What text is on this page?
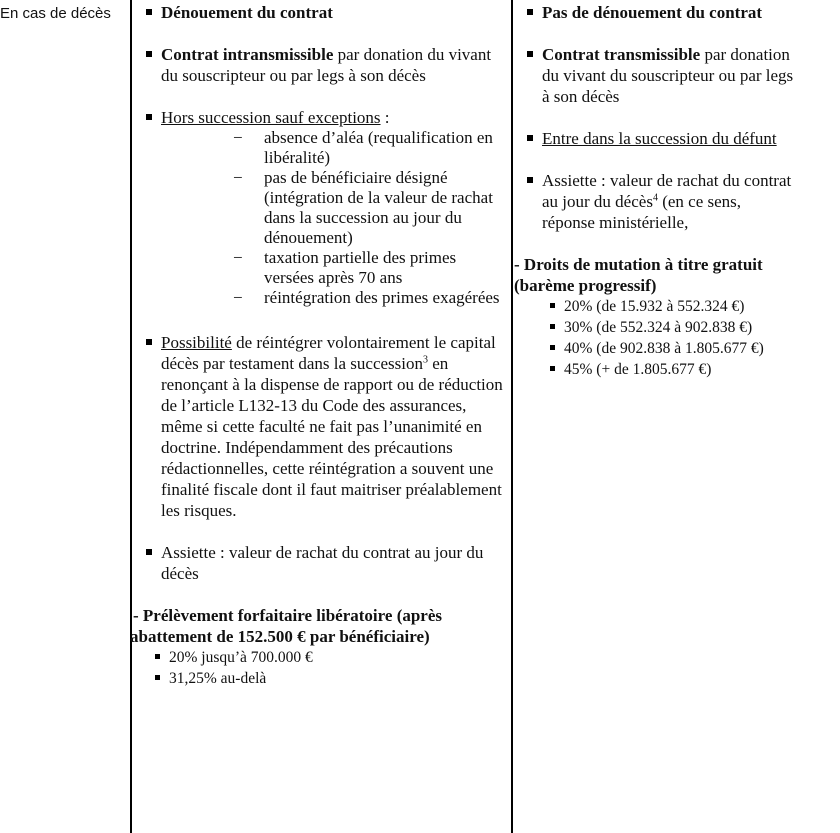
En cas de décès	Dénouement du contrat
Contrat intransmissible par donation du vivant du souscripteur ou par legs à son décès
Hors succession sauf exceptions :
− absence d’aléa (requalification en libéralité)
− pas de bénéficiaire désigné (intégration de la valeur de rachat dans la succession au jour du dénouement)
− taxation partielle des primes versées après 70 ans
− réintégration des primes exagérées
Possibilité de réintégrer volontairement le capital décès par testament dans la succession$^3$ en renonçant à la dispense de rapport ou de réduction de l’article L132-13 du Code des assurances, même si cette faculté ne fait pas l’unanimité en doctrine. Indépendamment des précautions rédactionnelles, cette réintégration a souvent une finalité fiscale dont il faut maitriser préalablement les risques.
Assiette : valeur de rachat du contrat au jour du décès
- Prélèvement forfaitaire libératoire (après
abattement de 152.500 € par bénéficiaire)
20% jusqu’à 700.000 €
31,25% au-delà
Pas de dénouement du contrat
Contrat transmissible par donation
du vivant du souscripteur ou par legs
à son décès
Entre dans la succession du défunt
Assiette : valeur de rachat du contrat
au jour du décès$^4$ (en ce sens,
réponse ministérielle,
- Droits de mutation à titre gratuit
(barème progressif)
20% (de 15.932 à 552.324 €)
30% (de 552.324 à 902.838 €)
40% (de 902.838 à 1.805.677 €)
45% (+ de 1.805.677 €)
